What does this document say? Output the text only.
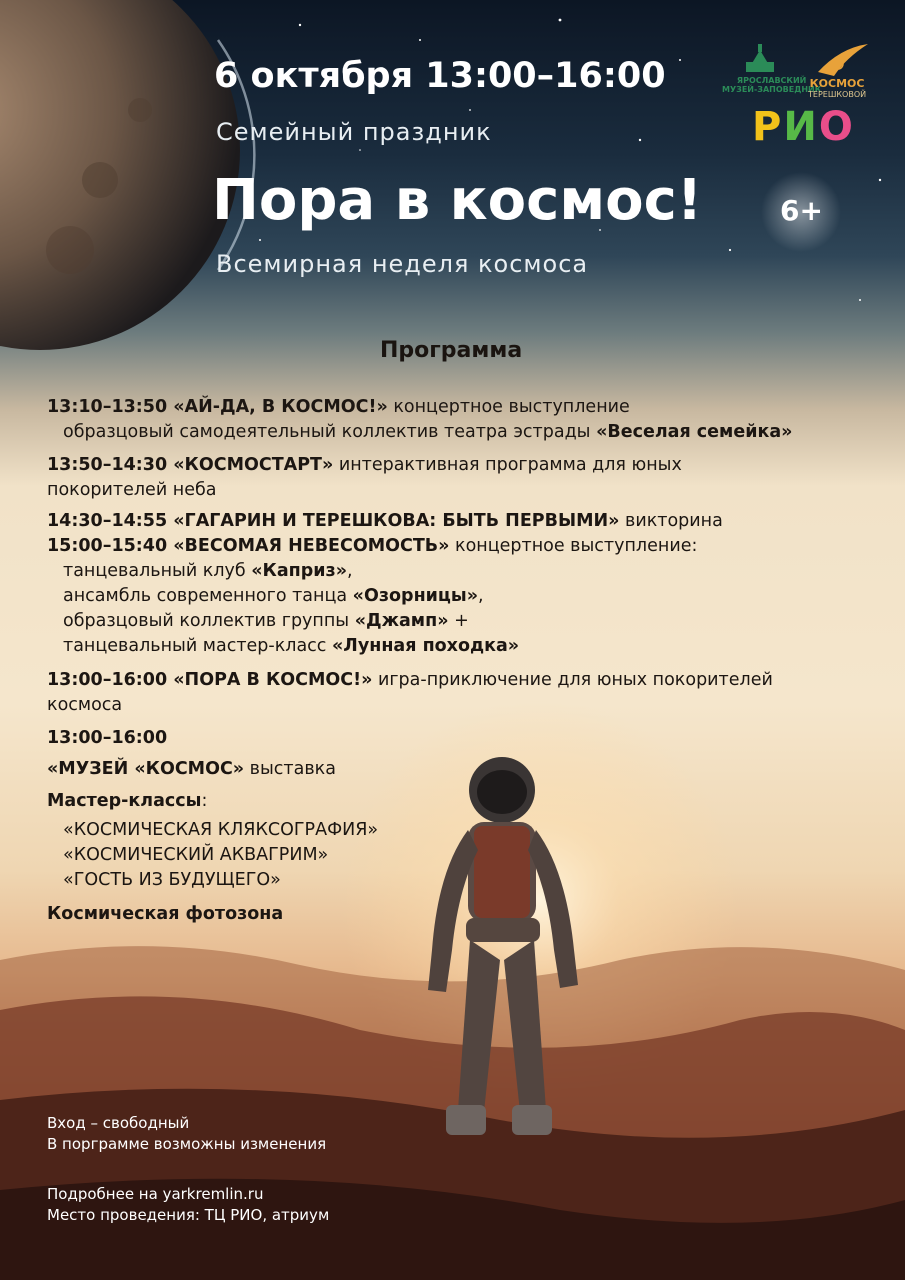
6 октября 13:00–16:00
Семейный праздник
Пора в космос!
Всемирная неделя космоса
6+
ЯРОСЛАВСКИЙ
МУЗЕЙ-ЗАПОВЕДНИК
КОСМОС
ТЕРЕШКОВОЙ
РИО
Программа
13:10–13:50 «АЙ-ДА, В КОСМОС!» концертное выступление
образцовый самодеятельный коллектив театра эстрады «Веселая семейка»
13:50–14:30 «КОСМОСТАРТ» интерактивная программа для юных
покорителей неба
14:30–14:55 «ГАГАРИН И ТЕРЕШКОВА: БЫТЬ ПЕРВЫМИ» викторина
15:00–15:40 «ВЕСОМАЯ НЕВЕСОМОСТЬ» концертное выступление:
танцевальный клуб «Каприз»,
ансамбль современного танца «Озорницы»,
образцовый коллектив группы «Джамп» +
танцевальный мастер-класс «Лунная походка»
13:00–16:00 «ПОРА В КОСМОС!» игра-приключение для юных покорителей
космоса
13:00–16:00
«МУЗЕЙ «КОСМОС» выставка
Мастер-классы:
«КОСМИЧЕСКАЯ КЛЯКСОГРАФИЯ»
«КОСМИЧЕСКИЙ АКВАГРИМ»
«ГОСТЬ ИЗ БУДУЩЕГО»
Космическая фотозона
Вход – свободный
В порграмме возможны изменения
Подробнее на yarkremlin.ru
Место проведения: ТЦ РИО, атриум
